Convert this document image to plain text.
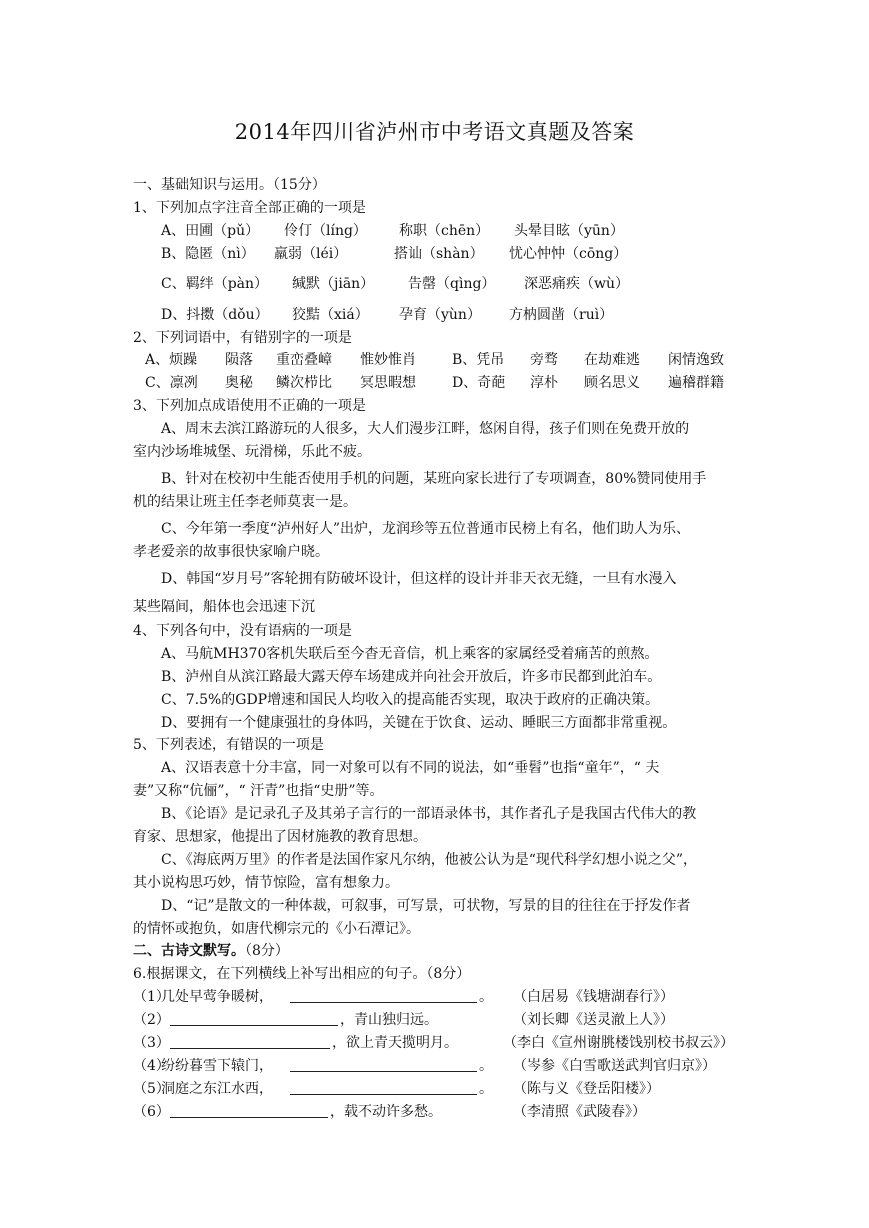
2014年四川省泸州市中考语文真题及答案
一、基础知识与运用。（15分）
1、下列加点字注音全部正确的一项是
A、田圃（pǔ） 伶仃（líng） 称职（chēn） 头晕目眩（yūn）
B、隐匿（nì） 羸弱（léi）	搭讪（shàn） 忧心忡忡（cōng）
C、羁绊（pàn） 缄默（jiān） 告罄（qìng） 深恶痛疾（wù）
D、抖擞（dǒu） 狡黠（xiá） 孕育（yùn） 方枘圆凿（ruì）
2、下列词语中，有错别字的一项是
A、烦躁 陨落 重峦叠嶂 惟妙惟肖	B、凭吊 旁骛 在劫难逃 闲情逸致
C、凛冽 奥秘 鳞次栉比 冥思暇想	D、奇葩 淳朴 顾名思义 遍稽群籍
3、下列加点成语使用不正确的一项是
A、周末去滨江路游玩的人很多，大人们漫步江畔，悠闲自得，孩子们则在免费开放的
室内沙场堆城堡、玩滑梯，乐此不疲。
B、针对在校初中生能否使用手机的问题，某班向家长进行了专项调查，80%赞同使用手
机的结果让班主任李老师莫衷一是。
C、今年第一季度“泸州好人”出炉，龙润珍等五位普通市民榜上有名，他们助人为乐、
孝老爱亲的故事很快家喻户晓。
D、韩国“岁月号”客轮拥有防破坏设计，但这样的设计并非天衣无缝，一旦有水漫入
某些隔间，船体也会迅速下沉
4、下列各句中，没有语病的一项是
A、马航MH370客机失联后至今杳无音信，机上乘客的家属经受着痛苦的煎熬。
B、泸州自从滨江路最大露天停车场建成并向社会开放后，许多市民都到此泊车。
C、7.5%的GDP增速和国民人均收入的提高能否实现，取决于政府的正确决策。
D、要拥有一个健康强壮的身体吗，关键在于饮食、运动、睡眠三方面都非常重视。
5、下列表述，有错误的一项是
A、汉语表意十分丰富，同一对象可以有不同的说法，如“垂髫”也指“童年”，“ 夫
妻”又称“伉俪”，“ 汗青”也指“史册”等。
B、《论语》是记录孔子及其弟子言行的一部语录体书，其作者孔子是我国古代伟大的教
育家、思想家，他提出了因材施教的教育思想。
C、《海底两万里》的作者是法国作家凡尔纳，他被公认为是“现代科学幻想小说之父”，
其小说构思巧妙，情节惊险，富有想象力。
D、“记”是散文的一种体裁，可叙事，可写景，可状物，写景的目的往往在于抒发作者
的情怀或抱负，如唐代柳宗元的《小石潭记》。
二、古诗文默写。（8分）
6.根据课文，在下列横线上补写出相应的句子。（8分）
（1）
几处早莺争暖树，	。 （白居易《钱塘湖春行》）
（2）	，青山独归远。	（刘长卿《送灵澈上人》）
（3）	，欲上青天揽明月。	（李白《宣州谢朓楼饯别校书叔云》）
（4）
纷纷暮雪下辕门，	。 （岑参《白雪歌送武判官归京》）
（5）
洞庭之东江水西，	。 （陈与义《登岳阳楼》）
（6）	，载不动许多愁。	（李清照《武陵春》）
